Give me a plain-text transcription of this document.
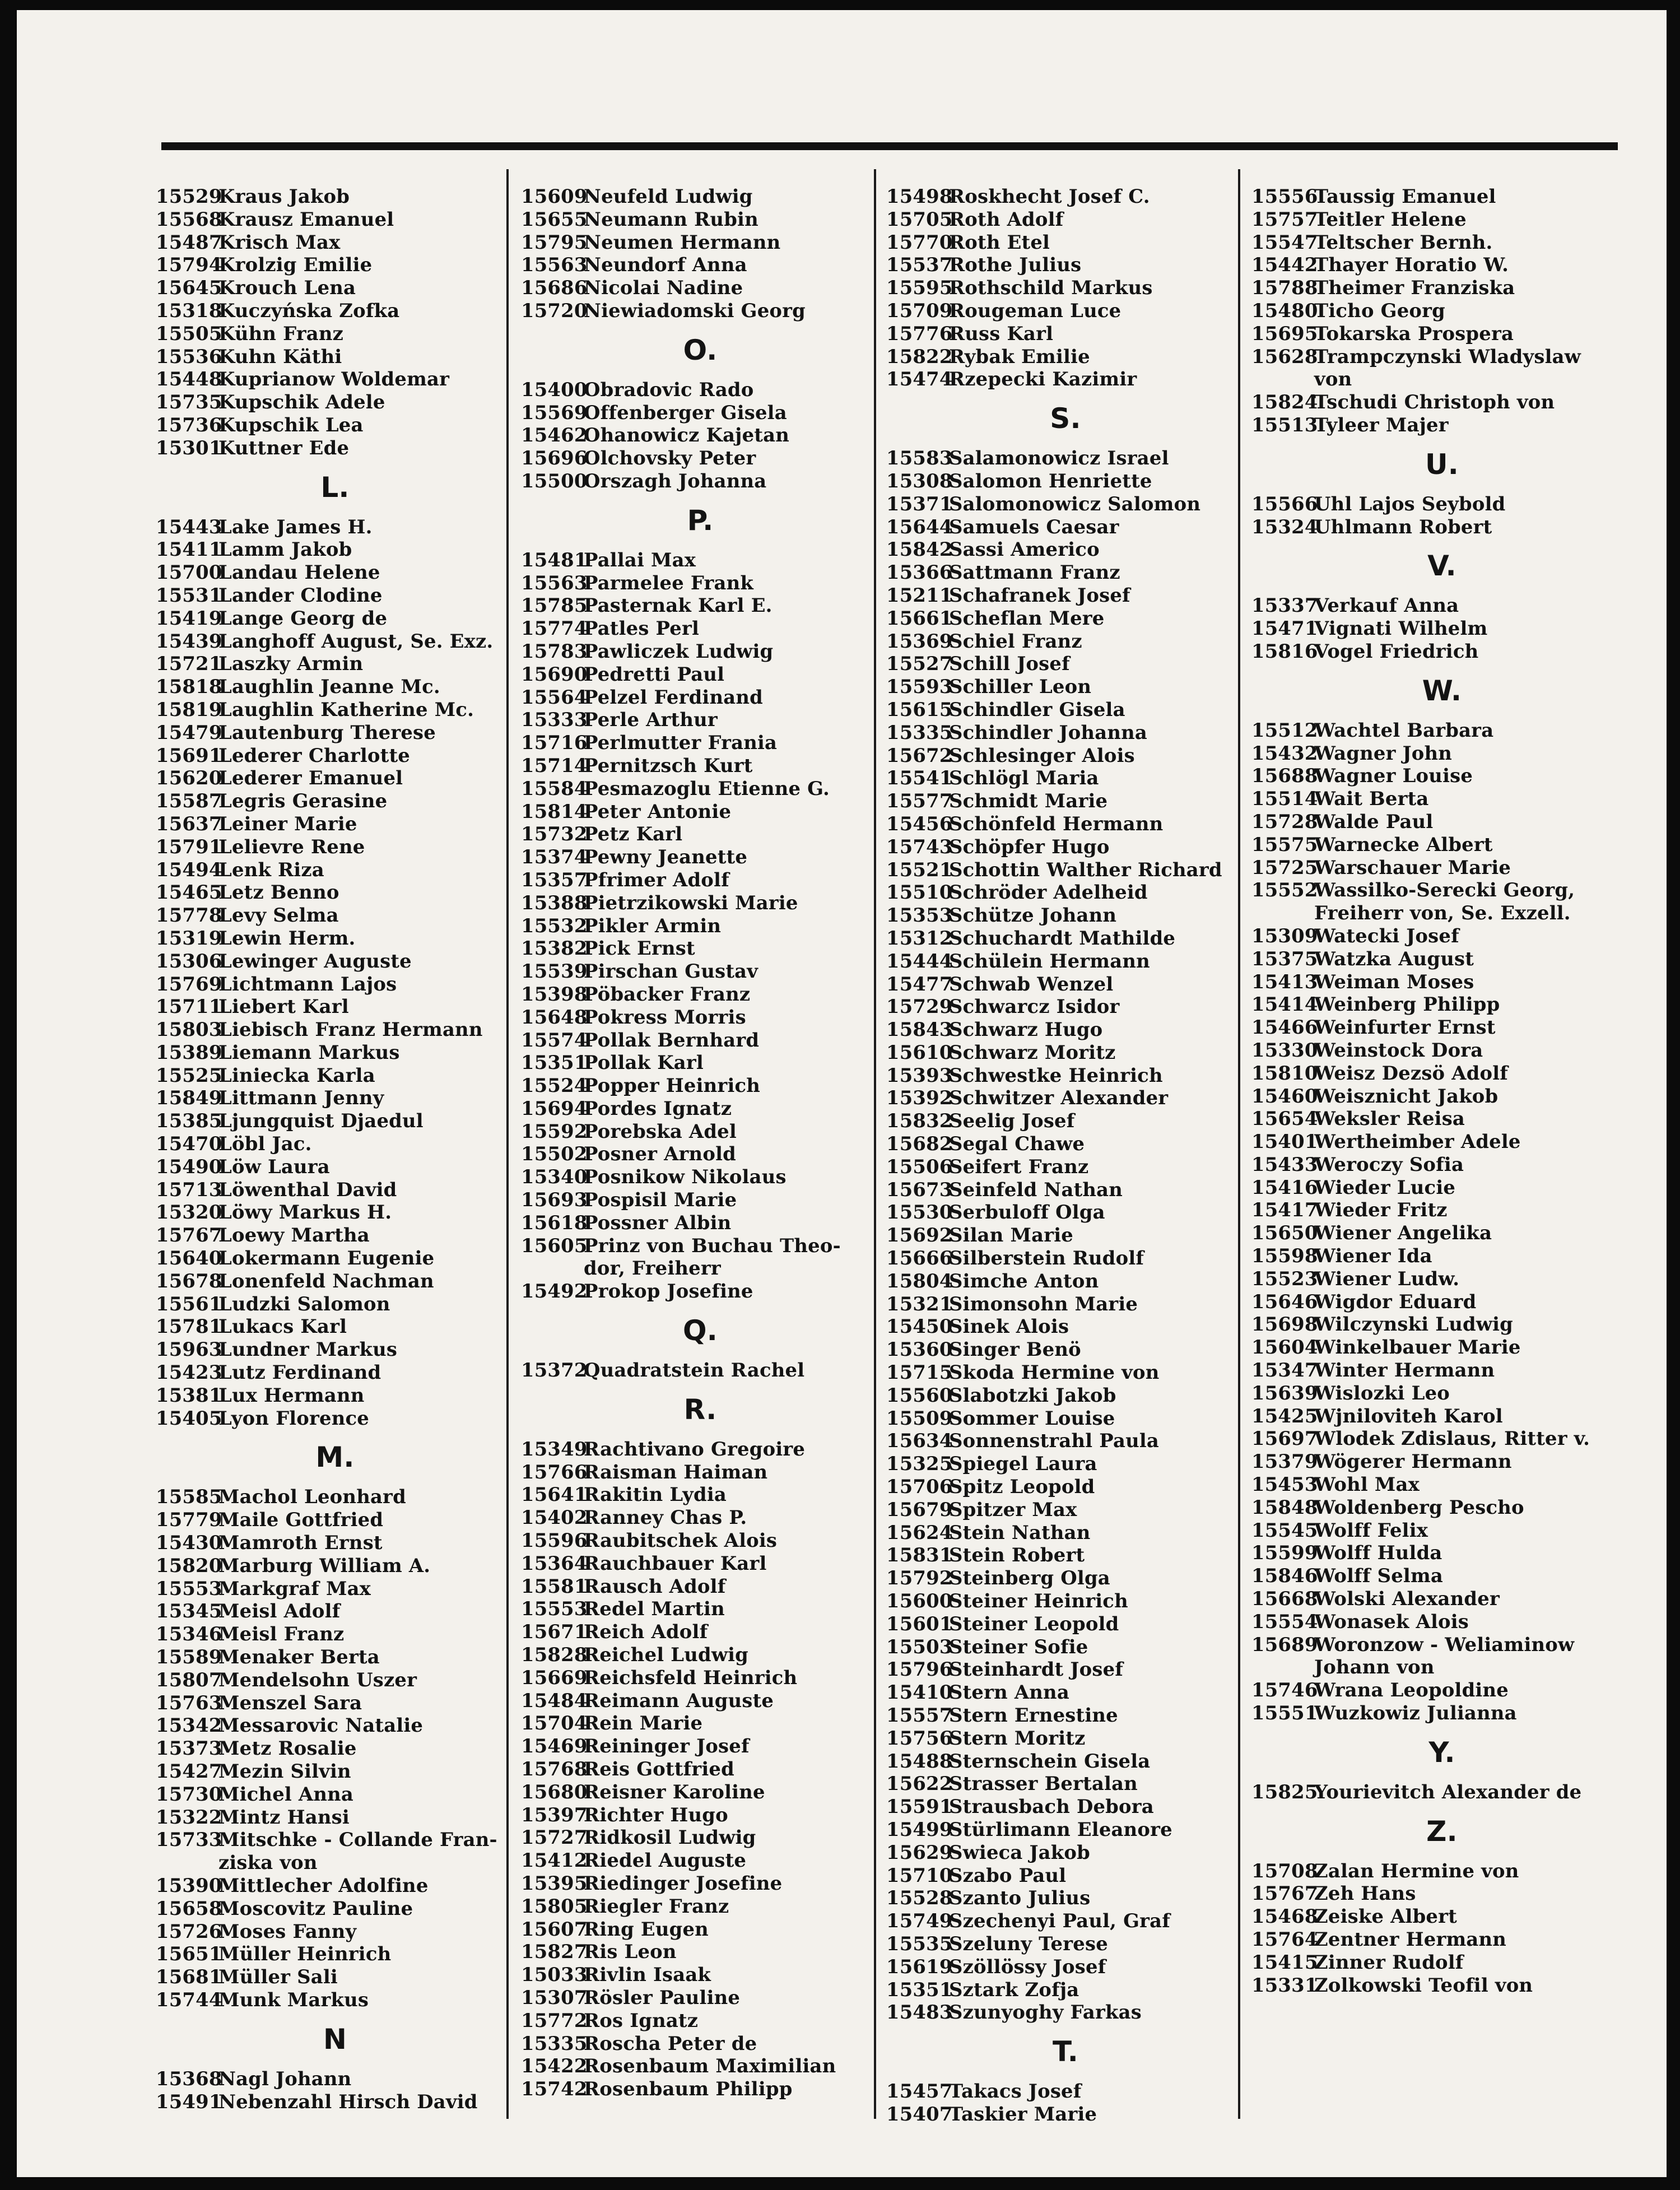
15529
Kraus Jakob
15568
Krausz Emanuel
15487
Krisch Max
15794
Krolzig Emilie
15645
Krouch Lena
15318
Kuczyńska Zofka
15505
Kühn Franz
15536
Kuhn Käthi
15448
Kuprianow Woldemar
15735
Kupschik Adele
15736
Kupschik Lea
15301
Kuttner Ede
L.
15443
Lake James H.
15411
Lamm Jakob
15700
Landau Helene
15531
Lander Clodine
15419
Lange Georg de
15439
Langhoff August, Se. Exz.
15721
Laszky Armin
15818
Laughlin Jeanne Mc.
15819
Laughlin Katherine Mc.
15479
Lautenburg Therese
15691
Lederer Charlotte
15620
Lederer Emanuel
15587
Legris Gerasine
15637
Leiner Marie
15791
Lelievre Rene
15494
Lenk Riza
15465
Letz Benno
15778
Levy Selma
15319
Lewin Herm.
15306
Lewinger Auguste
15769
Lichtmann Lajos
15711
Liebert Karl
15803
Liebisch Franz Hermann
15389
Liemann Markus
15525
Liniecka Karla
15849
Littmann Jenny
15385
Ljungquist Djaedul
15470
Löbl Jac.
15490
Löw Laura
15713
Löwenthal David
15320
Löwy Markus H.
15767
Loewy Martha
15640
Lokermann Eugenie
15678
Lonenfeld Nachman
15561
Ludzki Salomon
15781
Lukacs Karl
15963
Lundner Markus
15423
Lutz Ferdinand
15381
Lux Hermann
15405
Lyon Florence
M.
15585
Machol Leonhard
15779
Maile Gottfried
15430
Mamroth Ernst
15820
Marburg William A.
15553
Markgraf Max
15345
Meisl Adolf
15346
Meisl Franz
15589
Menaker Berta
15807
Mendelsohn Uszer
15763
Menszel Sara
15342
Messarovic Natalie
15373
Metz Rosalie
15427
Mezin Silvin
15730
Michel Anna
15322
Mintz Hansi
15733
Mitschke - Collande Fran-
ziska von
15390
Mittlecher Adolfine
15658
Moscovitz Pauline
15726
Moses Fanny
15651
Müller Heinrich
15681
Müller Sali
15744
Munk Markus
N
15368
Nagl Johann
15491
Nebenzahl Hirsch David
15609
Neufeld Ludwig
15655
Neumann Rubin
15795
Neumen Hermann
15563
Neundorf Anna
15686
Nicolai Nadine
15720
Niewiadomski Georg
O.
15400
Obradovic Rado
15569
Offenberger Gisela
15462
Ohanowicz Kajetan
15696
Olchovsky Peter
15500
Orszagh Johanna
P.
15481
Pallai Max
15563
Parmelee Frank
15785
Pasternak Karl E.
15774
Patles Perl
15783
Pawliczek Ludwig
15690
Pedretti Paul
15564
Pelzel Ferdinand
15333
Perle Arthur
15716
Perlmutter Frania
15714
Pernitzsch Kurt
15584
Pesmazoglu Etienne G.
15814
Peter Antonie
15732
Petz Karl
15374
Pewny Jeanette
15357
Pfrimer Adolf
15388
Pietrzikowski Marie
15532
Pikler Armin
15382
Pick Ernst
15539
Pirschan Gustav
15398
Pöbacker Franz
15648
Pokress Morris
15574
Pollak Bernhard
15351
Pollak Karl
15524
Popper Heinrich
15694
Pordes Ignatz
15592
Porebska Adel
15502
Posner Arnold
15340
Posnikow Nikolaus
15693
Pospisil Marie
15618
Possner Albin
15605
Prinz von Buchau Theo-
dor, Freiherr
15492
Prokop Josefine
Q.
15372
Quadratstein Rachel
R.
15349
Rachtivano Gregoire
15766
Raisman Haiman
15641
Rakitin Lydia
15402
Ranney Chas P.
15596
Raubitschek Alois
15364
Rauchbauer Karl
15581
Rausch Adolf
15553
Redel Martin
15671
Reich Adolf
15828
Reichel Ludwig
15669
Reichsfeld Heinrich
15484
Reimann Auguste
15704
Rein Marie
15469
Reininger Josef
15768
Reis Gottfried
15680
Reisner Karoline
15397
Richter Hugo
15727
Ridkosil Ludwig
15412
Riedel Auguste
15395
Riedinger Josefine
15805
Riegler Franz
15607
Ring Eugen
15827
Ris Leon
15033
Rivlin Isaak
15307
Rösler Pauline
15772
Ros Ignatz
15335
Roscha Peter de
15422
Rosenbaum Maximilian
15742
Rosenbaum Philipp
15498
Roskhecht Josef C.
15705
Roth Adolf
15770
Roth Etel
15537
Rothe Julius
15595
Rothschild Markus
15709
Rougeman Luce
15776
Russ Karl
15822
Rybak Emilie
15474
Rzepecki Kazimir
S.
15583
Salamonowicz Israel
15308
Salomon Henriette
15371
Salomonowicz Salomon
15644
Samuels Caesar
15842
Sassi Americo
15366
Sattmann Franz
15211
Schafranek Josef
15661
Scheflan Mere
15369
Schiel Franz
15527
Schill Josef
15593
Schiller Leon
15615
Schindler Gisela
15335
Schindler Johanna
15672
Schlesinger Alois
15541
Schlögl Maria
15577
Schmidt Marie
15456
Schönfeld Hermann
15743
Schöpfer Hugo
15521
Schottin Walther Richard
15510
Schröder Adelheid
15353
Schütze Johann
15312
Schuchardt Mathilde
15444
Schülein Hermann
15477
Schwab Wenzel
15729
Schwarcz Isidor
15843
Schwarz Hugo
15610
Schwarz Moritz
15393
Schwestke Heinrich
15392
Schwitzer Alexander
15832
Seelig Josef
15682
Segal Chawe
15506
Seifert Franz
15673
Seinfeld Nathan
15530
Serbuloff Olga
15692
Silan Marie
15666
Silberstein Rudolf
15804
Simche Anton
15321
Simonsohn Marie
15450
Sinek Alois
15360
Singer Benö
15715
Skoda Hermine von
15560
Slabotzki Jakob
15509
Sommer Louise
15634
Sonnenstrahl Paula
15325
Spiegel Laura
15706
Spitz Leopold
15679
Spitzer Max
15624
Stein Nathan
15831
Stein Robert
15792
Steinberg Olga
15600
Steiner Heinrich
15601
Steiner Leopold
15503
Steiner Sofie
15796
Steinhardt Josef
15410
Stern Anna
15557
Stern Ernestine
15756
Stern Moritz
15488
Sternschein Gisela
15622
Strasser Bertalan
15591
Strausbach Debora
15499
Stürlimann Eleanore
15629
Swieca Jakob
15710
Szabo Paul
15528
Szanto Julius
15749
Szechenyi Paul, Graf
15535
Szeluny Terese
15619
Szöllössy Josef
15351
Sztark Zofja
15483
Szunyoghy Farkas
T.
15457
Takacs Josef
15407
Taskier Marie
15556
Taussig Emanuel
15757
Teitler Helene
15547
Teltscher Bernh.
15442
Thayer Horatio W.
15788
Theimer Franziska
15480
Ticho Georg
15695
Tokarska Prospera
15628
Trampczynski Wladyslaw
von
15824
Tschudi Christoph von
15513
Tyleer Majer
U.
15566
Uhl Lajos Seybold
15324
Uhlmann Robert
V.
15337
Verkauf Anna
15471
Vignati Wilhelm
15816
Vogel Friedrich
W.
15512
Wachtel Barbara
15432
Wagner John
15688
Wagner Louise
15514
Wait Berta
15728
Walde Paul
15575
Warnecke Albert
15725
Warschauer Marie
15552
Wassilko-Serecki Georg,
Freiherr von, Se. Exzell.
15309
Watecki Josef
15375
Watzka August
15413
Weiman Moses
15414
Weinberg Philipp
15466
Weinfurter Ernst
15330
Weinstock Dora
15810
Weisz Dezsö Adolf
15460
Weisznicht Jakob
15654
Weksler Reisa
15401
Wertheimber Adele
15433
Weroczy Sofia
15416
Wieder Lucie
15417
Wieder Fritz
15650
Wiener Angelika
15598
Wiener Ida
15523
Wiener Ludw.
15646
Wigdor Eduard
15698
Wilczynski Ludwig
15604
Winkelbauer Marie
15347
Winter Hermann
15639
Wislozki Leo
15425
Wjniloviteh Karol
15697
Wlodek Zdislaus, Ritter v.
15379
Wögerer Hermann
15453
Wohl Max
15848
Woldenberg Pescho
15545
Wolff Felix
15599
Wolff Hulda
15846
Wolff Selma
15668
Wolski Alexander
15554
Wonasek Alois
15689
Woronzow - Weliaminow
Johann von
15746
Wrana Leopoldine
15551
Wuzkowiz Julianna
Y.
15825
Yourievitch Alexander de
Z.
15708
Zalan Hermine von
15767
Zeh Hans
15468
Zeiske Albert
15764
Zentner Hermann
15415
Zinner Rudolf
15331
Zolkowski Teofil von
